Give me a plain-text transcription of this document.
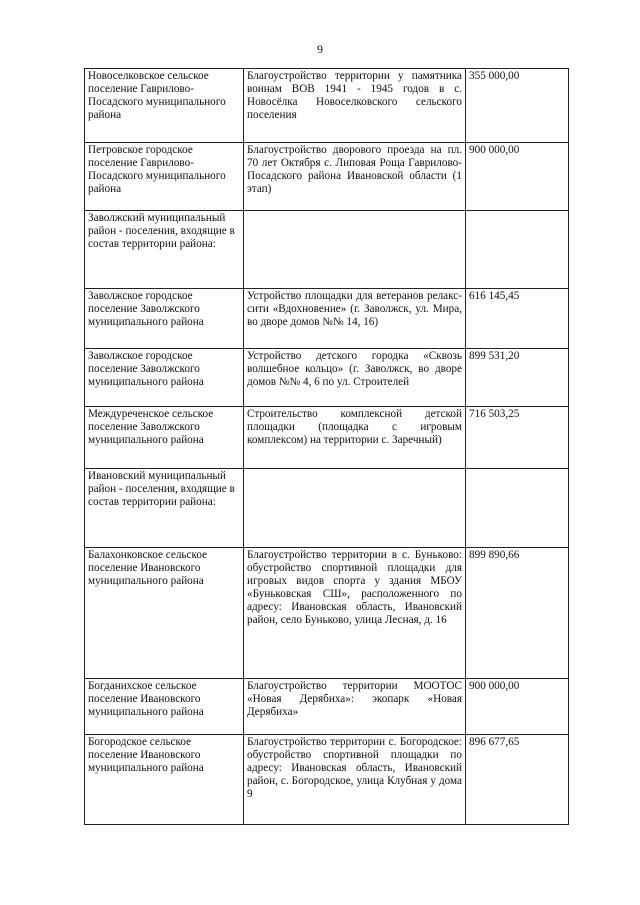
9
Новоселковское сельское поселение Гаврилово-Посадского муниципального района	Благоустройство территории у памятника воинам ВОВ 1941 - 1945 годов в с. Новосёлка Новоселковского сельского поселения	355 000,00
Петровское городское поселение Гаврилово-Посадского муниципального района	Благоустройство дворового проезда на пл. 70 лет Октября с. Липовая Роща Гаврилово-Посадского района Ивановской области (1 этап)	900 000,00
Заволжский муниципальный район - поселения, входящие в состав территории района:		
Заволжское городское поселение Заволжского муниципального района	Устройство площадки для ветеранов релакс-сити «Вдохновение» (г. Заволжск, ул. Мира, во дворе домов №№ 14, 16)	616 145,45
Заволжское городское поселение Заволжского муниципального района	Устройство детского городка «Сквозь волшебное кольцо» (г. Заволжск, во дворе домов №№ 4, 6 по ул. Строителей	899 531,20
Междуреченское сельское поселение Заволжского муниципального района	Строительство комплексной детской площадки (площадка с игровым комплексом) на территории с. Заречный)	716 503,25
Ивановский муниципальный район - поселения, входящие в состав территории района:		
Балахонковское сельское поселение Ивановского муниципального района	Благоустройство территории в с. Буньково: обустройство спортивной площадки для игровых видов спорта у здания МБОУ «Буньковская СШ», расположенного по адресу: Ивановская область, Ивановский район, село Буньково, улица Лесная, д. 16	899 890,66
Богданихское сельское поселение Ивановского муниципального района	Благоустройство территории МООТОС «Новая Дерябиха»: экопарк «Новая Дерябиха»	900 000,00
Богородское сельское поселение Ивановского муниципального района	Благоустройство территории с. Богородское: обустройство спортивной площадки по адресу: Ивановская область, Ивановский район, с. Богородское, улица Клубная у дома 9	896 677,65
